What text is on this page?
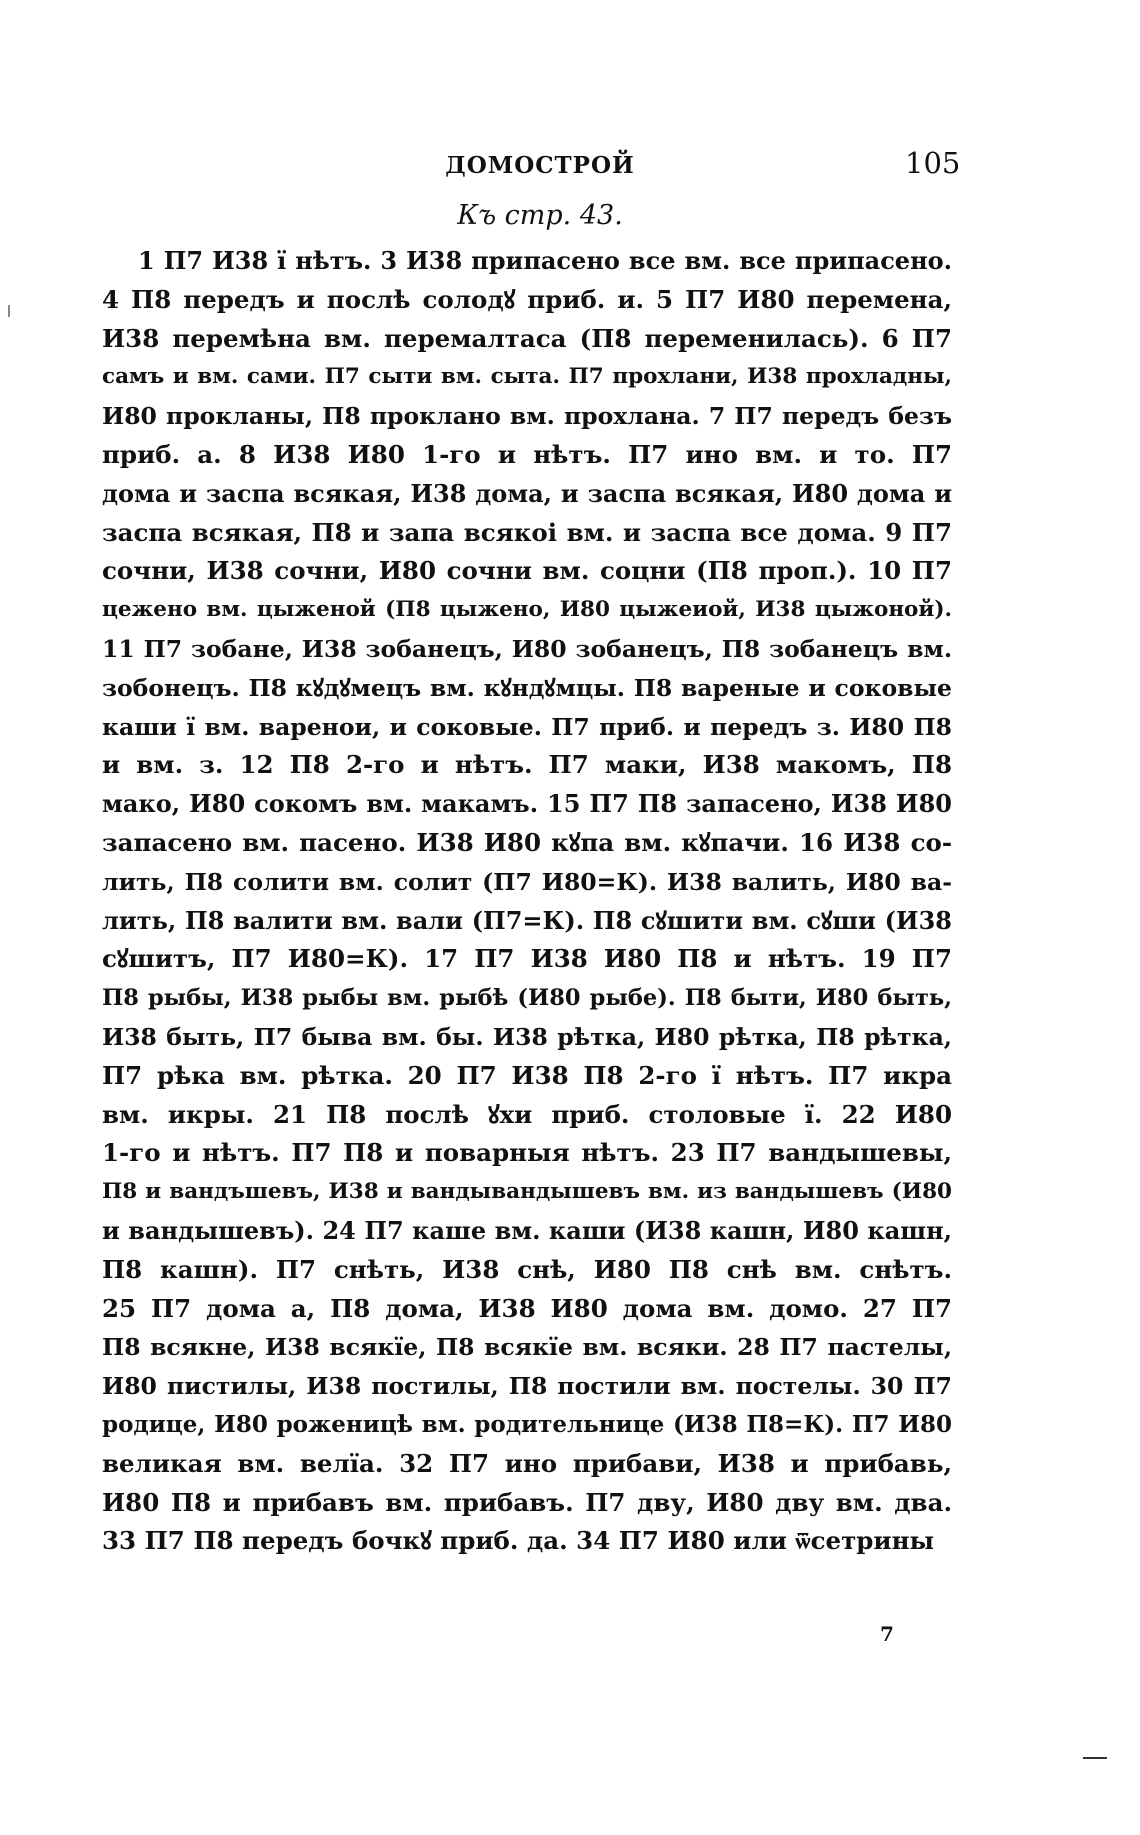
ДОМОСТРОЙ	105
Къ стр. 43.
1 П7 И38 ї нѣтъ. 3 И38 припасено все вм. все припасено.
4 П8 передъ и послѣ солодꙋ приб. и. 5 П7 И80 перемена,
И38 перемѣна вм. перемалтаса (П8 переменилась). 6 П7
самъ и вм. сами. П7 сыти вм. сыта. П7 прохлани, И38 прохладны,
И80 прокланы, П8 прокланo вм. прохлана. 7 П7 передъ безъ
приб. а. 8 И38 И80 1-го и нѣтъ. П7 ино вм. и то. П7
дома и заспа всякая, И38 дома, и заспа всякая, И80 дома и
заспа всякая, П8 и запа всякоi вм. и заспа все дома. 9 П7
сочни, И38 сочни, И80 сочни вм. соцни (П8 проп.). 10 П7
цежено вм. цыженой (П8 цыжено, И80 цыжеиой, И38 цыжоной).
11 П7 зобане, И38 зобанецъ, И80 зобанецъ, П8 зобанецъ вм.
зобонецъ. П8 кꙋдꙋмецъ вм. кꙋндꙋмцы. П8 вареные и соковые
каши ї вм. варенои, и соковые. П7 приб. и передъ з. И80 П8
и вм. з. 12 П8 2-го и нѣтъ. П7 маки, И38 макомъ, П8
мако, И80 сокомъ вм. макамъ. 15 П7 П8 запасено, И38 И80
запасено вм. пасено. И38 И80 кꙋпа вм. кꙋпачи. 16 И38 со-
лить, П8 солити вм. солит (П7 И80=К). И38 валить, И80 ва-
лить, П8 валити вм. вали (П7=К). П8 сꙋшити вм. сꙋши (И38
сꙋшитъ, П7 И80=К). 17 П7 И38 И80 П8 и нѣтъ. 19 П7
П8 рыбы, И38 рыбы вм. рыбѣ (И80 рыбе). П8 быти, И80 быть,
И38 быть, П7 быва вм. бы. И38 рѣтка, И80 рѣтка, П8 рѣтка,
П7 рѣка вм. рѣтка. 20 П7 И38 П8 2-го ї нѣтъ. П7 икра
вм. икры. 21 П8 послѣ ꙋхи приб. столовые ї. 22 И80
1-го и нѣтъ. П7 П8 и поварныя нѣтъ. 23 П7 вандышевы,
П8 и вандъшевъ, И38 и вандывандышевъ вм. из вандышевъ (И80
и вандышевъ). 24 П7 каше вм. каши (И38 кашн, И80 кашн,
П8 кашн). П7 снѣть, И38 снѣ, И80 П8 снѣ вм. снѣтъ.
25 П7 дома а, П8 дома, И38 И80 дома вм. домо. 27 П7
П8 всякне, И38 всякїе, П8 всякїе вм. всяки. 28 П7 пастелы,
И80 пистилы, И38 постилы, П8 постили вм. постелы. 30 П7
родице, И80 роженицѣ вм. родительнице (И38 П8=К). П7 И80
великая вм. велїа. 32 П7 ино прибави, И38 и прибавь,
И80 П8 и прибавъ вм. прибавъ. П7 дву, И80 дву вм. два.
33 П7 П8 передъ бочкꙋ приб. да. 34 П7 И80 или ѿсетрины
7
